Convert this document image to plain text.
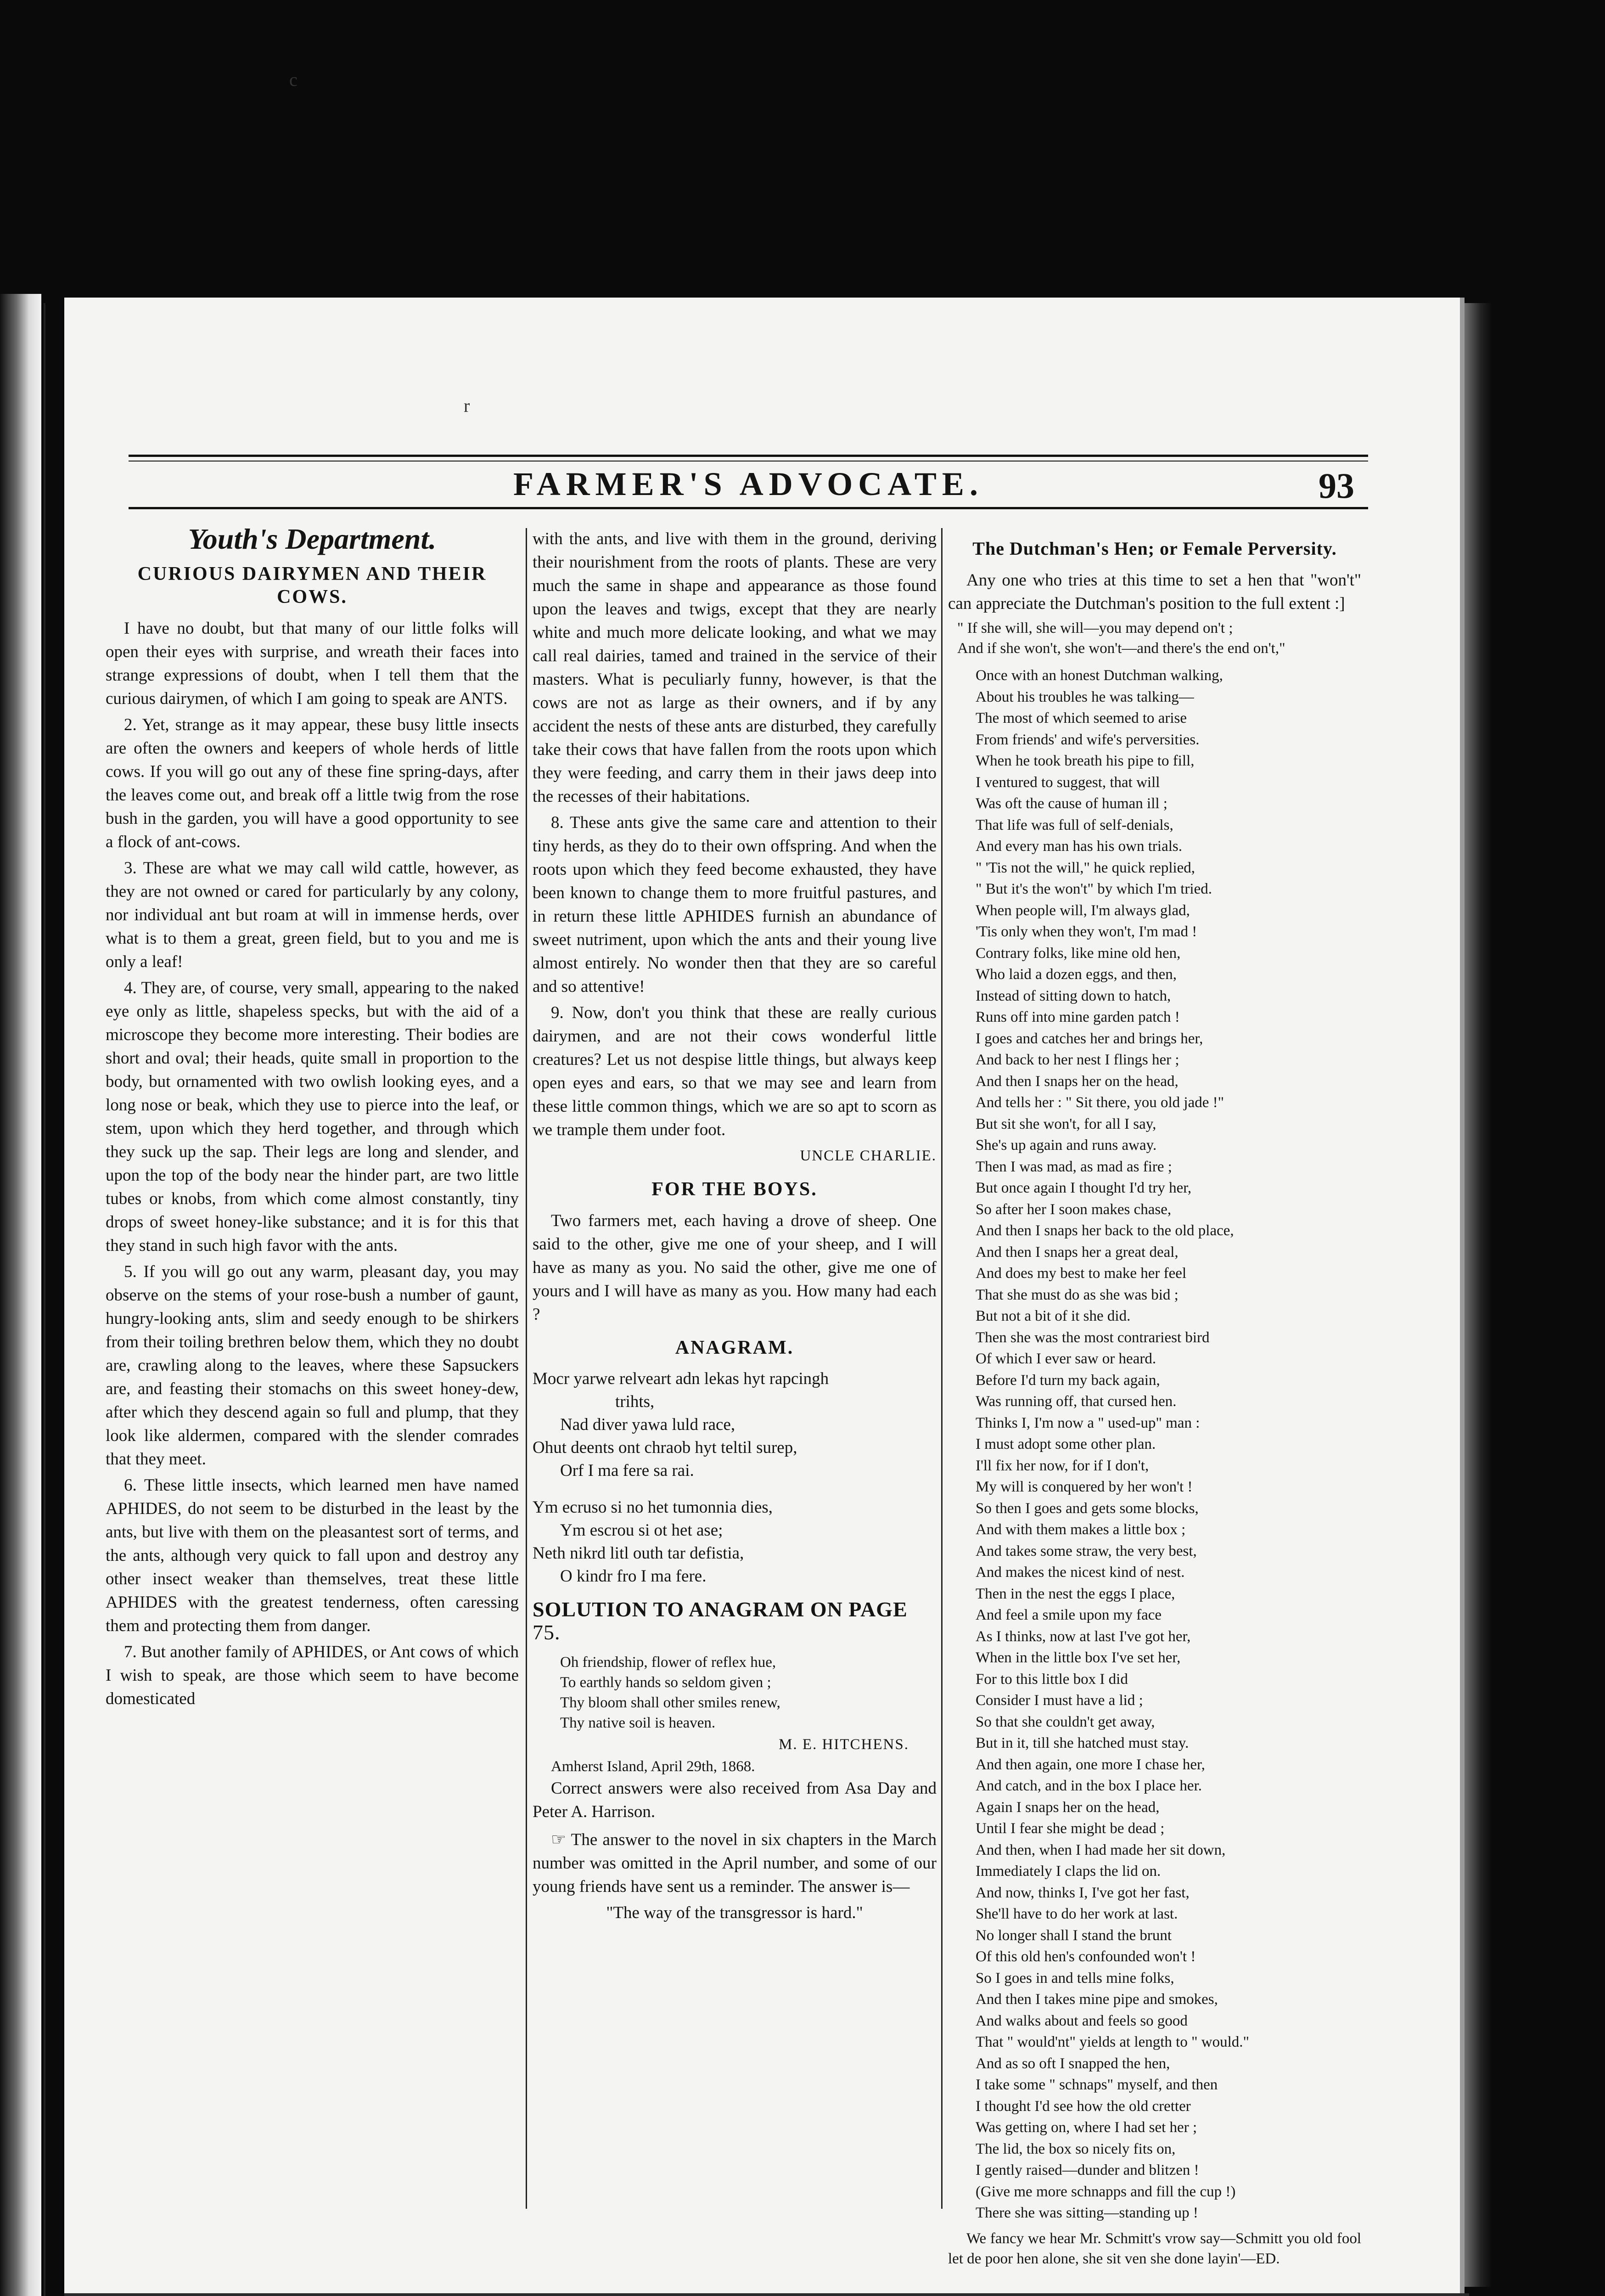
c
r
FARMER'S ADVOCATE.	93
Youth's Department.
CURIOUS DAIRYMEN AND THEIR COWS.

I have no doubt, but that many of our little folks will open their eyes with surprise, and wreath their faces into strange expressions of doubt, when I tell them that the curious dairymen, of which I am going to speak are ANTS.

2. Yet, strange as it may appear, these busy little insects are often the owners and keepers of whole herds of little cows. If you will go out any of these fine spring-days, after the leaves come out, and break off a little twig from the rose bush in the garden, you will have a good opportunity to see a flock of ant-cows.

3. These are what we may call wild cattle, however, as they are not owned or cared for particularly by any colony, nor individual ant but roam at will in immense herds, over what is to them a great, green field, but to you and me is only a leaf!

4. They are, of course, very small, appearing to the naked eye only as little, shapeless specks, but with the aid of a microscope they become more interesting. Their bodies are short and oval; their heads, quite small in proportion to the body, but ornamented with two owlish looking eyes, and a long nose or beak, which they use to pierce into the leaf, or stem, upon which they herd together, and through which they suck up the sap. Their legs are long and slender, and upon the top of the body near the hinder part, are two little tubes or knobs, from which come almost constantly, tiny drops of sweet honey-like substance; and it is for this that they stand in such high favor with the ants.

5. If you will go out any warm, pleasant day, you may observe on the stems of your rose-bush a number of gaunt, hungry-looking ants, slim and seedy enough to be shirkers from their toiling brethren below them, which they no doubt are, crawling along to the leaves, where these Sapsuckers are, and feasting their stomachs on this sweet honey-dew, after which they descend again so full and plump, that they look like aldermen, compared with the slender comrades that they meet.

6. These little insects, which learned men have named APHIDES, do not seem to be disturbed in the least by the ants, but live with them on the pleasantest sort of terms, and the ants, although very quick to fall upon and destroy any other insect weaker than themselves, treat these little APHIDES with the greatest tenderness, often caressing them and protecting them from danger.

7. But another family of APHIDES, or Ant cows of which I wish to speak, are those which seem to have become domesticated

with the ants, and live with them in the ground, deriving their nourishment from the roots of plants. These are very much the same in shape and appearance as those found upon the leaves and twigs, except that they are nearly white and much more delicate looking, and what we may call real dairies, tamed and trained in the service of their masters. What is peculiarly funny, however, is that the cows are not as large as their owners, and if by any accident the nests of these ants are disturbed, they carefully take their cows that have fallen from the roots upon which they were feeding, and carry them in their jaws deep into the recesses of their habitations.

8. These ants give the same care and attention to their tiny herds, as they do to their own offspring. And when the roots upon which they feed become exhausted, they have been known to change them to more fruitful pastures, and in return these little APHIDES furnish an abundance of sweet nutriment, upon which the ants and their young live almost entirely. No wonder then that they are so careful and so attentive!

9. Now, don't you think that these are really curious dairymen, and are not their cows wonderful little creatures? Let us not despise little things, but always keep open eyes and ears, so that we may see and learn from these little common things, which we are so apt to scorn as we trample them under foot.

UNCLE CHARLIE.
FOR THE BOYS.

Two farmers met, each having a drove of sheep. One said to the other, give me one of your sheep, and I will have as many as you. No said the other, give me one of yours and I will have as many as you. How many had each ?

ANAGRAM.
Mocr yarwe relveart adn lekas hyt rapcingh
trihts,
Nad diver yawa luld race,
Ohut deents ont chraob hyt teltil surep,
Orf I ma fere sa rai.
Ym ecruso si no het tumonnia dies,
Ym escrou si ot het ase;
Neth nikrd litl outh tar defistia,
O kindr fro I ma fere.
SOLUTION TO ANAGRAM ON PAGE 75.
Oh friendship, flower of reflex hue,
To earthly hands so seldom given ;
Thy bloom shall other smiles renew,
Thy native soil is heaven.
M. E. HITCHENS.
Amherst Island, April 29th, 1868.

Correct answers were also received from Asa Day and Peter A. Harrison.

☞ The answer to the novel in six chapters in the March number was omitted in the April number, and some of our young friends have sent us a reminder. The answer is—

"The way of the transgressor is hard."
The Dutchman's Hen; or Female Perversity.

Any one who tries at this time to set a hen that "won't" can appreciate the Dutchman's position to the full extent :]

" If she will, she will—you may depend on't ;
And if she won't, she won't—and there's the end on't,"
Once with an honest Dutchman walking,
About his troubles he was talking—
The most of which seemed to arise
From friends' and wife's perversities.
When he took breath his pipe to fill,
I ventured to suggest, that will
Was oft the cause of human ill ;
That life was full of self-denials,
And every man has his own trials.
" 'Tis not the will," he quick replied,
" But it's the won't" by which I'm tried.
When people will, I'm always glad,
'Tis only when they won't, I'm mad !
Contrary folks, like mine old hen,
Who laid a dozen eggs, and then,
Instead of sitting down to hatch,
Runs off into mine garden patch !
I goes and catches her and brings her,
And back to her nest I flings her ;
And then I snaps her on the head,
And tells her : " Sit there, you old jade !"
But sit she won't, for all I say,
She's up again and runs away.
Then I was mad, as mad as fire ;
But once again I thought I'd try her,
So after her I soon makes chase,
And then I snaps her back to the old place,
And then I snaps her a great deal,
And does my best to make her feel
That she must do as she was bid ;
But not a bit of it she did.
Then she was the most contrariest bird
Of which I ever saw or heard.
Before I'd turn my back again,
Was running off, that cursed hen.
Thinks I, I'm now a " used-up" man :
I must adopt some other plan.
I'll fix her now, for if I don't,
My will is conquered by her won't !
So then I goes and gets some blocks,
And with them makes a little box ;
And takes some straw, the very best,
And makes the nicest kind of nest.
Then in the nest the eggs I place,
And feel a smile upon my face
As I thinks, now at last I've got her,
When in the little box I've set her,
For to this little box I did
Consider I must have a lid ;
So that she couldn't get away,
But in it, till she hatched must stay.
And then again, one more I chase her,
And catch, and in the box I place her.
Again I snaps her on the head,
Until I fear she might be dead ;
And then, when I had made her sit down,
Immediately I claps the lid on.
And now, thinks I, I've got her fast,
She'll have to do her work at last.
No longer shall I stand the brunt
Of this old hen's confounded won't !
So I goes in and tells mine folks,
And then I takes mine pipe and smokes,
And walks about and feels so good
That " would'nt" yields at length to " would."
And as so oft I snapped the hen,
I take some " schnaps" myself, and then
I thought I'd see how the old cretter
Was getting on, where I had set her ;
The lid, the box so nicely fits on,
I gently raised—dunder and blitzen !
(Give me more schnapps and fill the cup !)
There she was sitting—standing up !

We fancy we hear Mr. Schmitt's vrow say—Schmitt you old fool let de poor hen alone, she sit ven she done layin'—ED.
